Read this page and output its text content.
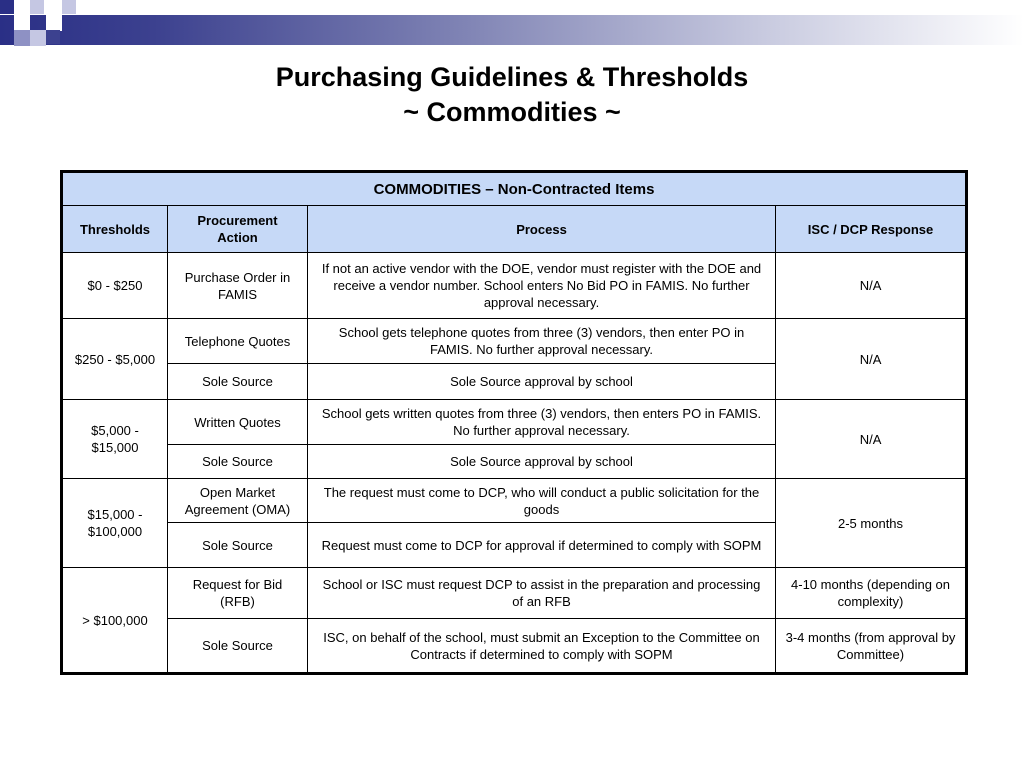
Purchasing Guidelines & Thresholds
~ Commodities ~
COMMODITIES – Non-Contracted Items			
Thresholds	Procurement Action	Process	ISC / DCP Response
$0 - $250	Purchase Order in FAMIS	If not an active vendor with the DOE, vendor must register with the DOE and receive a vendor number. School enters No Bid PO in FAMIS. No further approval necessary.	N/A
$250 - $5,000	Telephone Quotes	School gets telephone quotes from three (3) vendors, then enter PO in FAMIS. No further approval necessary.	N/A
	Sole Source	Sole Source approval by school	
$5,000 - $15,000	Written Quotes	School gets written quotes from three (3) vendors, then enters PO in FAMIS. No further approval necessary.	N/A
	Sole Source	Sole Source approval by school	
$15,000 - $100,000	Open Market Agreement (OMA)	The request must come to DCP, who will conduct a public solicitation for the goods	2-5 months
	Sole Source	Request must come to DCP for approval if determined to comply with SOPM	
> $100,000	Request for Bid (RFB)	School or ISC must request DCP to assist in the preparation and processing of an RFB	4-10 months (depending on complexity)
	Sole Source	ISC, on behalf of the school, must submit an Exception to the Committee on Contracts if determined to comply with SOPM	3-4 months (from approval by Committee)
